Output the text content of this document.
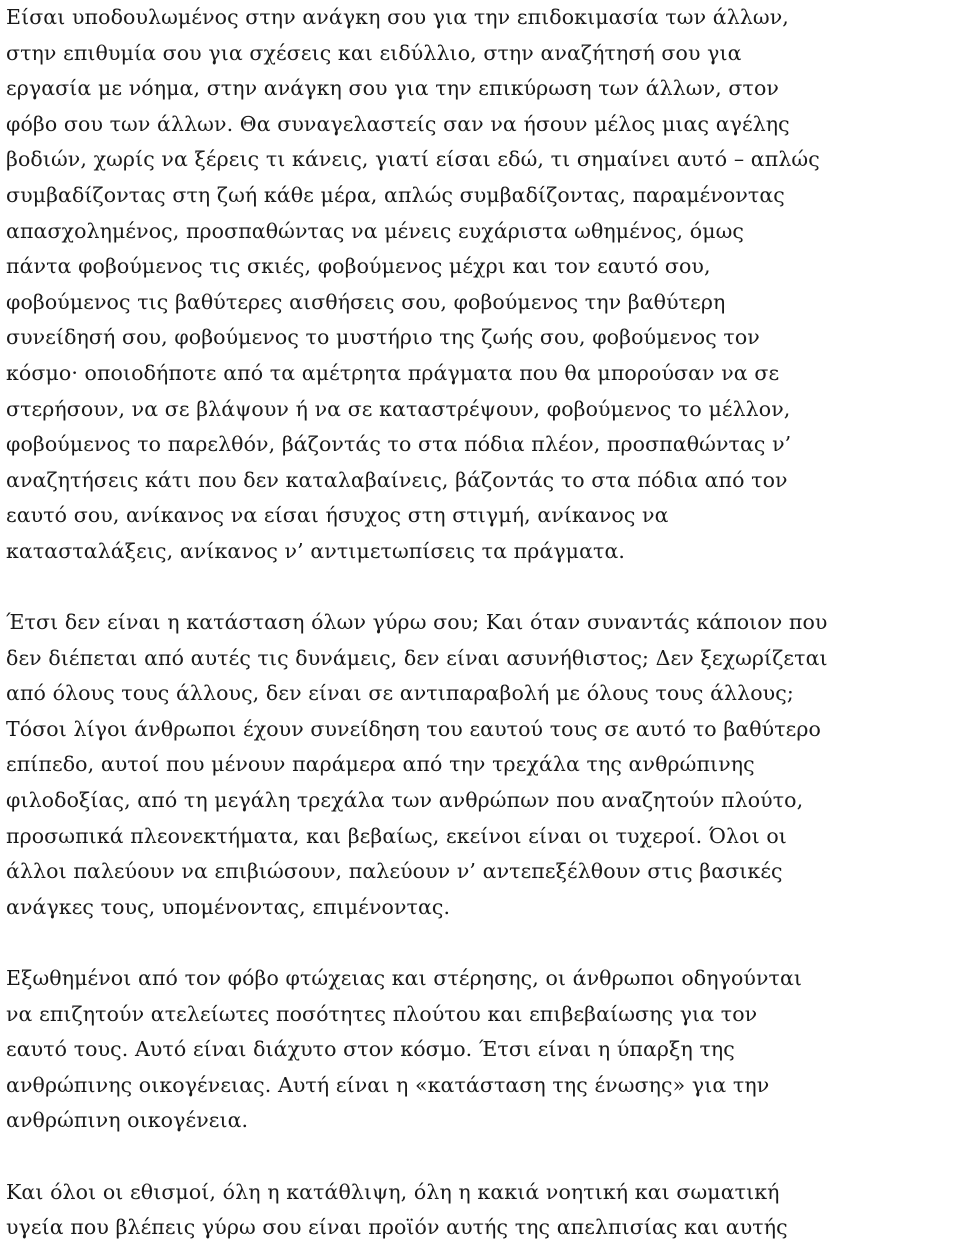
Είσαι υποδουλωμένος στην ανάγκη σου για την επιδοκιμασία των άλλων,
στην επιθυμία σου για σχέσεις και ειδύλλιο, στην αναζήτησή σου για
εργασία με νόημα, στην ανάγκη σου για την επικύρωση των άλλων, στον
φόβο σου των άλλων. Θα συναγελαστείς σαν να ήσουν μέλος μιας αγέλης
βοδιών, χωρίς να ξέρεις τι κάνεις, γιατί είσαι εδώ, τι σημαίνει αυτό – απλώς
συμβαδίζοντας στη ζωή κάθε μέρα, απλώς συμβαδίζοντας, παραμένοντας
απασχολημένος, προσπαθώντας να μένεις ευχάριστα ωθημένος, όμως
πάντα φοβούμενος τις σκιές, φοβούμενος μέχρι και τον εαυτό σου,
φοβούμενος τις βαθύτερες αισθήσεις σου, φοβούμενος την βαθύτερη
συνείδησή σου, φοβούμενος το μυστήριο της ζωής σου, φοβούμενος τον
κόσμο· οποιοδήποτε από τα αμέτρητα πράγματα που θα μπορούσαν να σε
στερήσουν, να σε βλάψουν ή να σε καταστρέψουν, φοβούμενος το μέλλον,
φοβούμενος το παρελθόν, βάζοντάς το στα πόδια πλέον, προσπαθώντας ν’
αναζητήσεις κάτι που δεν καταλαβαίνεις, βάζοντάς το στα πόδια από τον
εαυτό σου, ανίκανος να είσαι ήσυχος στη στιγμή, ανίκανος να
κατασταλάξεις, ανίκανος ν’ αντιμετωπίσεις τα πράγματα.
Έτσι δεν είναι η κατάσταση όλων γύρω σου; Και όταν συναντάς κάποιον που
δεν διέπεται από αυτές τις δυνάμεις, δεν είναι ασυνήθιστος; Δεν ξεχωρίζεται
από όλους τους άλλους, δεν είναι σε αντιπαραβολή με όλους τους άλλους;
Τόσοι λίγοι άνθρωποι έχουν συνείδηση του εαυτού τους σε αυτό το βαθύτερο
επίπεδο, αυτοί που μένουν παράμερα από την τρεχάλα της ανθρώπινης
φιλοδοξίας, από τη μεγάλη τρεχάλα των ανθρώπων που αναζητούν πλούτο,
προσωπικά πλεονεκτήματα, και βεβαίως, εκείνοι είναι οι τυχεροί. Όλοι οι
άλλοι παλεύουν να επιβιώσουν, παλεύουν ν’ αντεπεξέλθουν στις βασικές
ανάγκες τους, υπομένοντας, επιμένοντας.
Εξωθημένοι από τον φόβο φτώχειας και στέρησης, οι άνθρωποι οδηγούνται
να επιζητούν ατελείωτες ποσότητες πλούτου και επιβεβαίωσης για τον
εαυτό τους. Αυτό είναι διάχυτο στον κόσμο. Έτσι είναι η ύπαρξη της
ανθρώπινης οικογένειας. Αυτή είναι η «κατάσταση της ένωσης» για την
ανθρώπινη οικογένεια.
Και όλοι οι εθισμοί, όλη η κατάθλιψη, όλη η κακιά νοητική και σωματική
υγεία που βλέπεις γύρω σου είναι προϊόν αυτής της απελπισίας και αυτής
